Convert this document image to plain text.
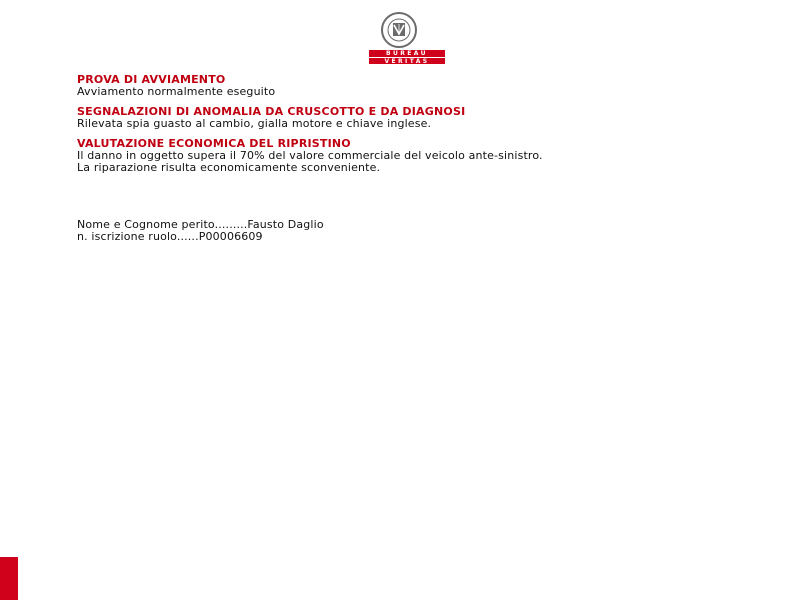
BUREAU
VERITAS
PROVA DI AVVIAMENTO
Avviamento normalmente eseguito
SEGNALAZIONI DI ANOMALIA DA CRUSCOTTO E DA DIAGNOSI
Rilevata spia guasto al cambio, gialla motore e chiave inglese.
VALUTAZIONE ECONOMICA DEL RIPRISTINO
Il danno in oggetto supera il 70% del valore commerciale del veicolo ante-sinistro.
La riparazione risulta economicamente sconveniente.
Nome e Cognome perito.........Fausto Daglio
n. iscrizione ruolo......P00006609
